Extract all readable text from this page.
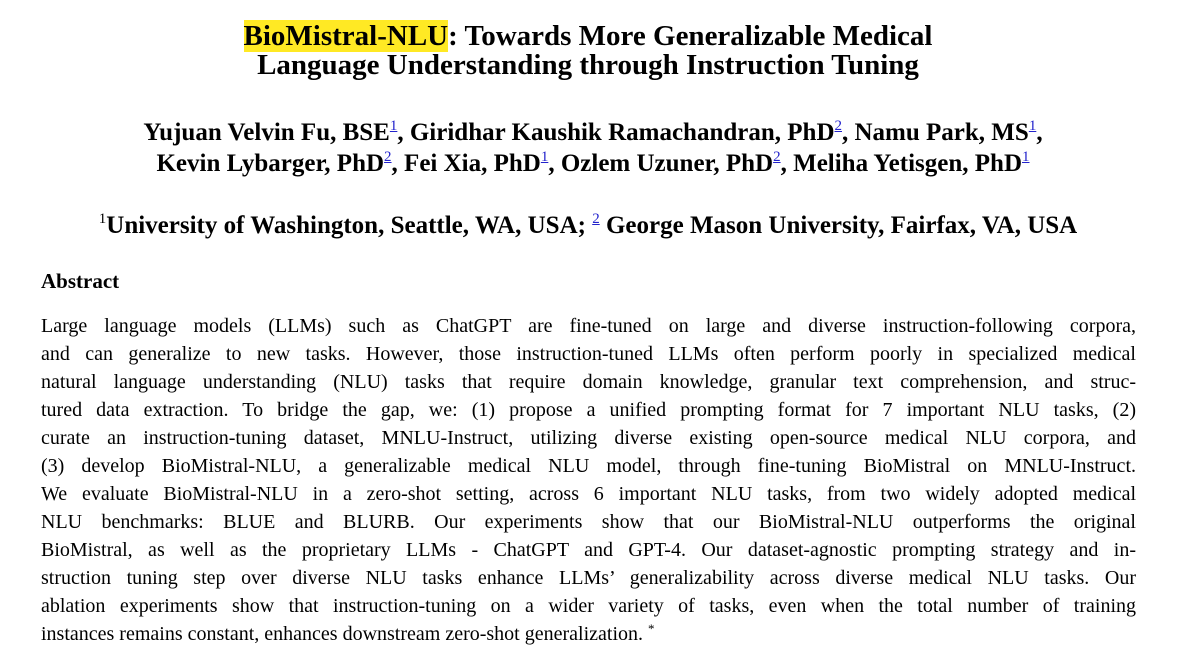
BioMistral-NLU: Towards More Generalizable Medical
Language Understanding through Instruction Tuning
Yujuan Velvin Fu, BSE$^1$, Giridhar Kaushik Ramachandran, PhD$^2$, Namu Park, $MS^1$,
Kevin Lybarger, PhD$^2$, Fei Xia, PhD$^1$, Ozlem Uzuner, PhD$^2$, Meliha Yetisgen, PhD$^1$
$^1$University of Washington, Seattle, WA, USA; $^2$ George Mason University, Fairfax, VA, USA
Abstract
Large language models (LLMs) such as ChatGPT are fine-tuned on large and diverse instruction-following corpora,
and can generalize to new tasks. However, those instruction-tuned LLMs often perform poorly in specialized medical
natural language understanding (NLU) tasks that require domain knowledge, granular text comprehension, and struc-
tured data extraction. To bridge the gap, we: (1) propose a unified prompting format for 7 important NLU tasks, (2)
curate an instruction-tuning dataset, MNLU-Instruct, utilizing diverse existing open-source medical NLU corpora, and
(3) develop BioMistral-NLU, a generalizable medical NLU model, through fine-tuning BioMistral on MNLU-Instruct.
We evaluate BioMistral-NLU in a zero-shot setting, across 6 important NLU tasks, from two widely adopted medical
NLU benchmarks: BLUE and BLURB. Our experiments show that our BioMistral-NLU outperforms the original
BioMistral, as well as the proprietary LLMs - ChatGPT and GPT-4. Our dataset-agnostic prompting strategy and in-
struction tuning step over diverse NLU tasks enhance LLMs’ generalizability across diverse medical NLU tasks. Our
ablation experiments show that instruction-tuning on a wider variety of tasks, even when the total number of training
instances remains constant, enhances downstream zero-shot generalization. *
